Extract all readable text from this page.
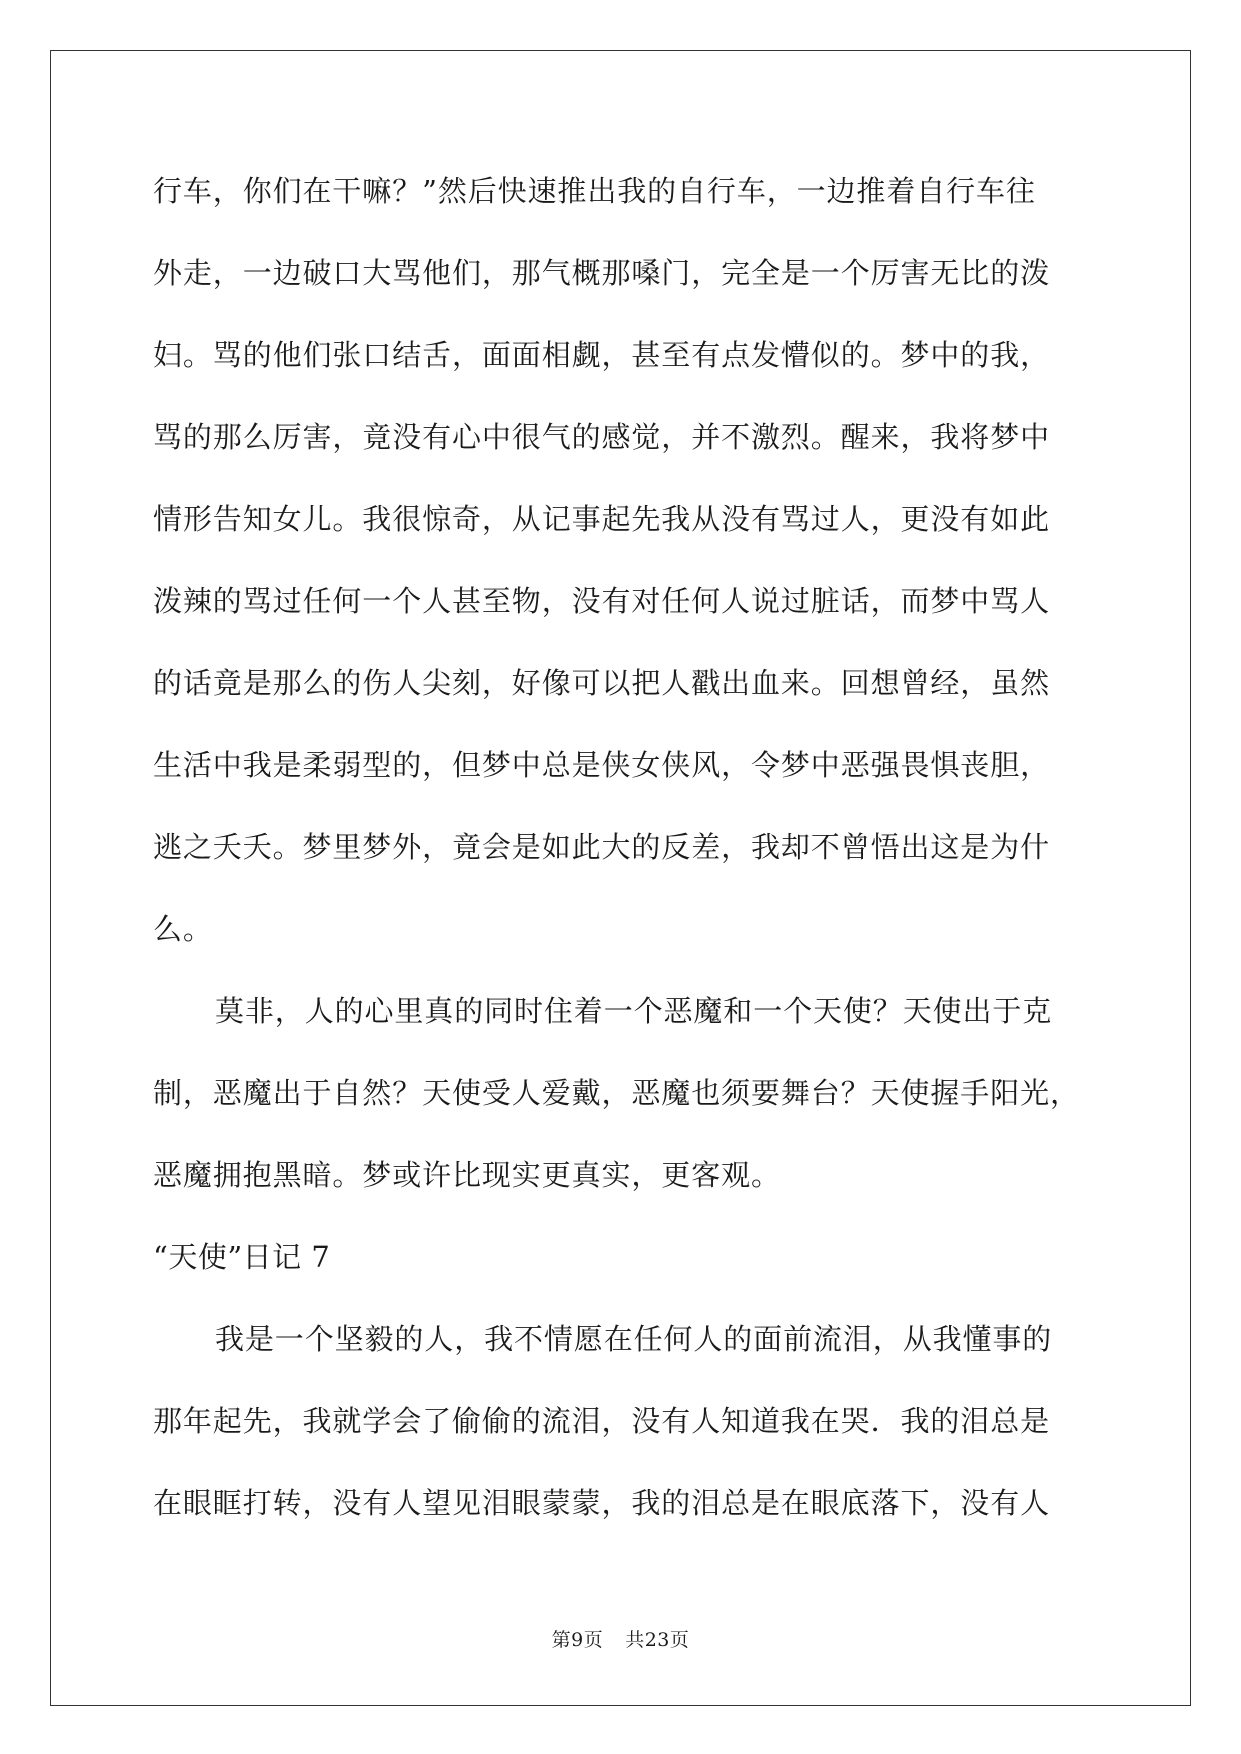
行车，你们在干嘛？”然后快速推出我的自行车，一边推着自行车往
外走，一边破口大骂他们，那气概那嗓门，完全是一个厉害无比的泼
妇。骂的他们张口结舌，面面相觑，甚至有点发懵似的。梦中的我，
骂的那么厉害，竟没有心中很气的感觉，并不激烈。醒来，我将梦中
情形告知女儿。我很惊奇，从记事起先我从没有骂过人，更没有如此
泼辣的骂过任何一个人甚至物，没有对任何人说过脏话，而梦中骂人
的话竟是那么的伤人尖刻，好像可以把人戳出血来。回想曾经，虽然
生活中我是柔弱型的，但梦中总是侠女侠风，令梦中恶强畏惧丧胆，
逃之夭夭。梦里梦外，竟会是如此大的反差，我却不曾悟出这是为什
么。
莫非，人的心里真的同时住着一个恶魔和一个天使？天使出于克
制，恶魔出于自然？天使受人爱戴，恶魔也须要舞台？天使握手阳光，
恶魔拥抱黑暗。梦或许比现实更真实，更客观。
“天使”日记 7
我是一个坚毅的人，我不情愿在任何人的面前流泪，从我懂事的
那年起先，我就学会了偷偷的流泪，没有人知道我在哭．我的泪总是
在眼眶打转，没有人望见泪眼蒙蒙，我的泪总是在眼底落下，没有人
第9页 共23页
